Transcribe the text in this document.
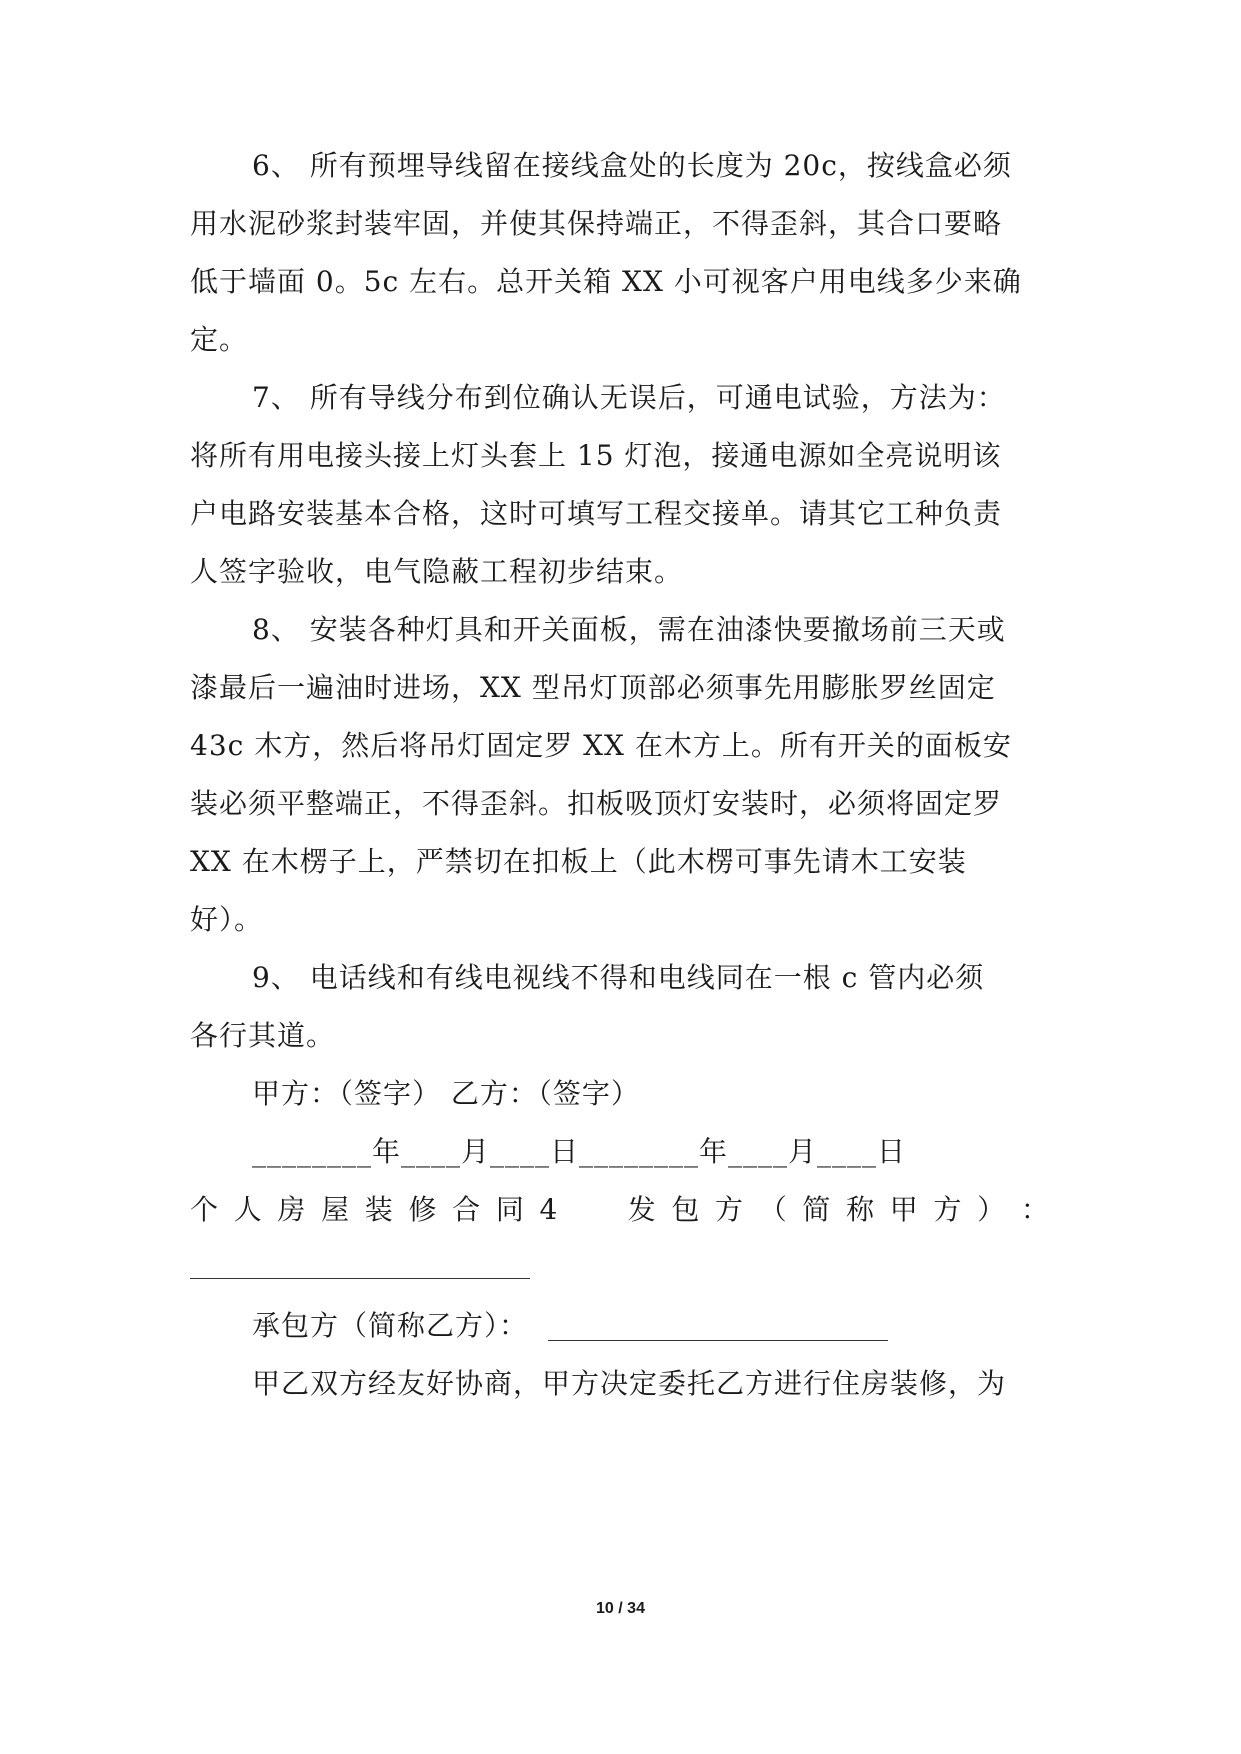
6、 所有预埋导线留在接线盒处的长度为 20c，按线盒必须
用水泥砂浆封装牢固，并使其保持端正，不得歪斜，其合口要略
低于墙面 0。5c 左右。总开关箱 XX 小可视客户用电线多少来确
定。
7、 所有导线分布到位确认无误后，可通电试验，方法为：
将所有用电接头接上灯头套上 15 灯泡，接通电源如全亮说明该
户电路安装基本合格，这时可填写工程交接单。请其它工种负责
人签字验收，电气隐蔽工程初步结束。
8、 安装各种灯具和开关面板，需在油漆快要撤场前三天或
漆最后一遍油时进场，XX 型吊灯顶部必须事先用膨胀罗丝固定
43c 木方，然后将吊灯固定罗 XX 在木方上。所有开关的面板安
装必须平整端正，不得歪斜。扣板吸顶灯安装时，必须将固定罗
XX 在木楞子上，严禁切在扣板上（此木楞可事先请木工安装
好）。
9、 电话线和有线电视线不得和电线同在一根 c 管内必须
各行其道。
甲方：（签字） 乙方：（签字）
________年____月____日________年____月____日
个 人 房 屋 装 修 合 同 4 发 包 方 （ 简 称 甲 方 ） ：
承包方（简称乙方）：
甲乙双方经友好协商，甲方决定委托乙方进行住房装修，为
10 / 34
